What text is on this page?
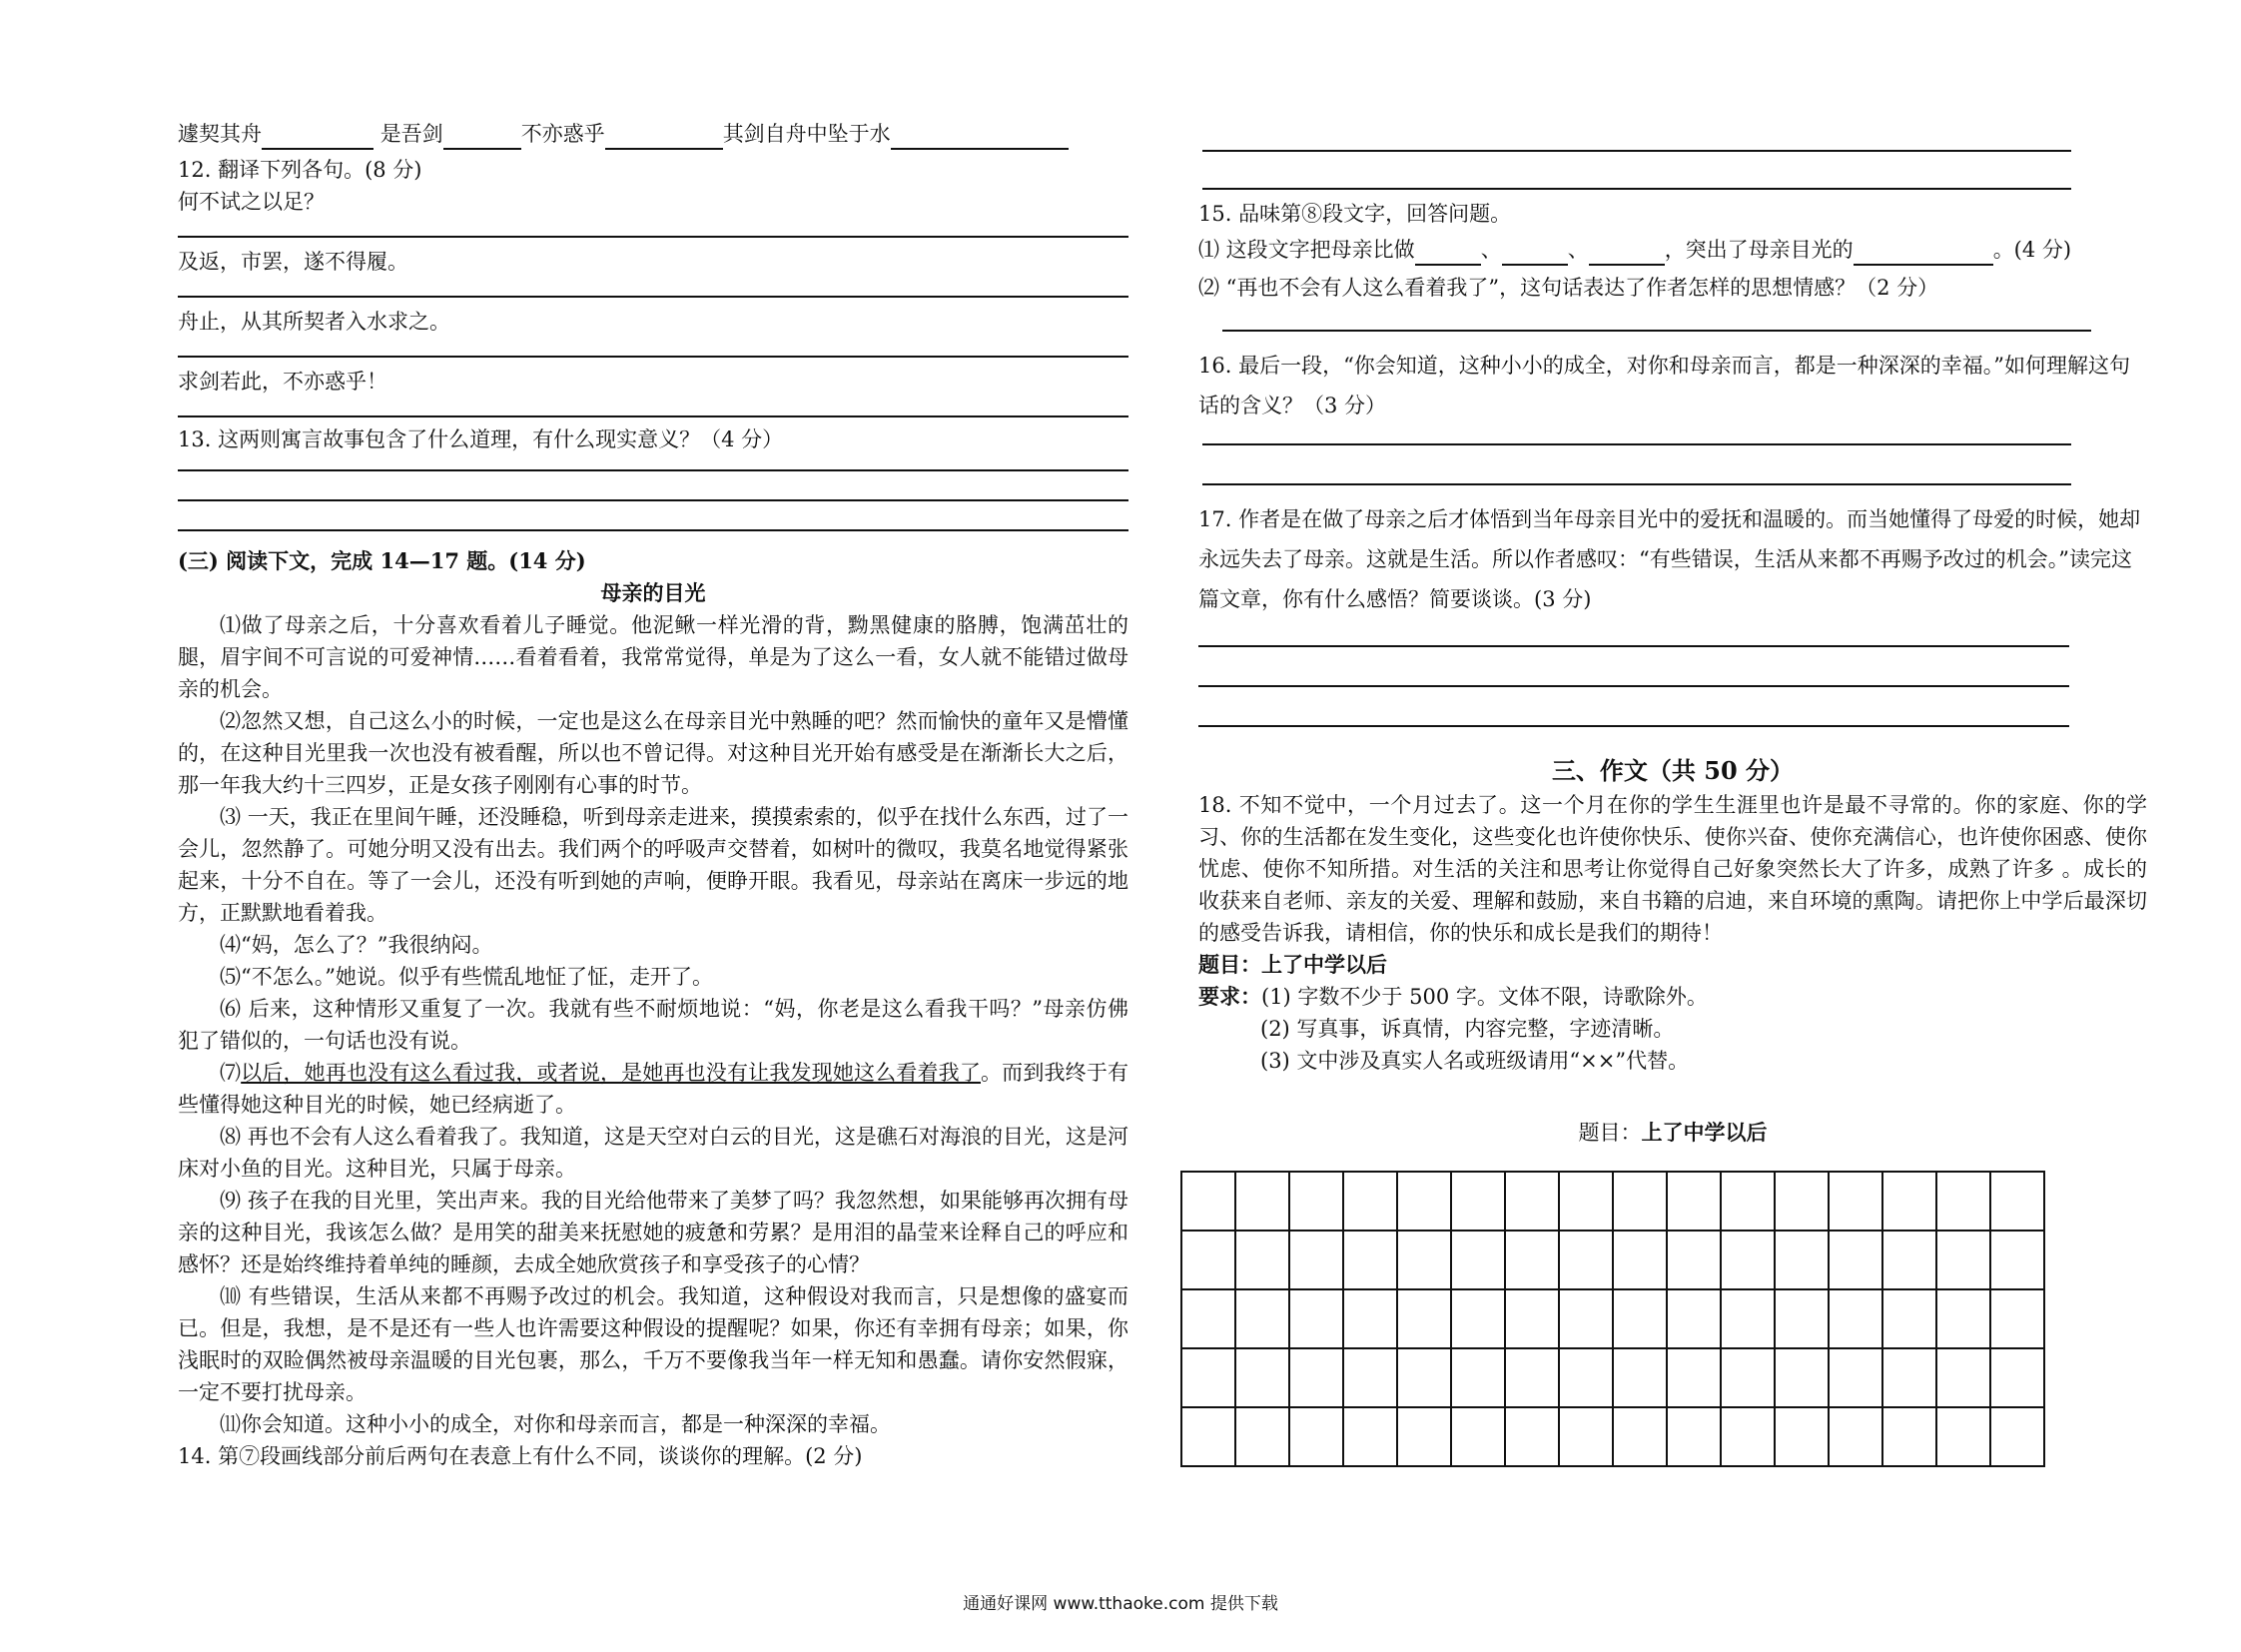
遽契其舟	是吾剑	不亦惑乎	其剑自舟中坠于水

12. 翻译下列各句。(8 分)

何不试之以足？

及返，市罢，遂不得履。

舟止，从其所契者入水求之。

求剑若此，不亦惑乎！

13. 这两则寓言故事包含了什么道理，有什么现实意义？（4 分）

(三) 阅读下文，完成 14—17 题。(14 分)

母亲的目光

⑴做了母亲之后，十分喜欢看着儿子睡觉。他泥鳅一样光滑的背，黝黑健康的胳膊，饱满茁壮的腿，眉宇间不可言说的可爱神情……看着看着，我常常觉得，单是为了这么一看，女人就不能错过做母亲的机会。

⑵忽然又想，自己这么小的时候，一定也是这么在母亲目光中熟睡的吧？然而愉快的童年又是懵懂的，在这种目光里我一次也没有被看醒，所以也不曾记得。对这种目光开始有感受是在渐渐长大之后，那一年我大约十三四岁，正是女孩子刚刚有心事的时节。

⑶ 一天，我正在里间午睡，还没睡稳，听到母亲走进来，摸摸索索的，似乎在找什么东西，过了一会儿，忽然静了。可她分明又没有出去。我们两个的呼吸声交替着，如树叶的微叹，我莫名地觉得紧张起来，十分不自在。等了一会儿，还没有听到她的声响，便睁开眼。我看见，母亲站在离床一步远的地方，正默默地看着我。

⑷“妈，怎么了？”我很纳闷。

⑸“不怎么。”她说。似乎有些慌乱地怔了怔，走开了。

⑹ 后来，这种情形又重复了一次。我就有些不耐烦地说：“妈，你老是这么看我干吗？”母亲仿佛犯了错似的，一句话也没有说。

⑺以后，她再也没有这么看过我，或者说，是她再也没有让我发现她这么看着我了。而到我终于有些懂得她这种目光的时候，她已经病逝了。

⑻ 再也不会有人这么看着我了。我知道，这是天空对白云的目光，这是礁石对海浪的目光，这是河床对小鱼的目光。这种目光，只属于母亲。

⑼ 孩子在我的目光里，笑出声来。我的目光给他带来了美梦了吗？我忽然想，如果能够再次拥有母亲的这种目光，我该怎么做？是用笑的甜美来抚慰她的疲惫和劳累？是用泪的晶莹来诠释自己的呼应和感怀？还是始终维持着单纯的睡颜，去成全她欣赏孩子和享受孩子的心情？

⑽ 有些错误，生活从来都不再赐予改过的机会。我知道，这种假设对我而言，只是想像的盛宴而已。但是，我想，是不是还有一些人也许需要这种假设的提醒呢？如果，你还有幸拥有母亲；如果，你浅眠时的双睑偶然被母亲温暖的目光包裹，那么，千万不要像我当年一样无知和愚蠢。请你安然假寐，一定不要打扰母亲。

⑾你会知道。这种小小的成全，对你和母亲而言，都是一种深深的幸福。

14. 第⑦段画线部分前后两句在表意上有什么不同，谈谈你的理解。(2 分)

15. 品味第⑧段文字，回答问题。

⑴ 这段文字把母亲比做	、	、	，突出了母亲目光的	。(4 分)

⑵ “再也不会有人这么看着我了”，这句话表达了作者怎样的思想情感？（2 分）

16. 最后一段，“你会知道，这种小小的成全，对你和母亲而言，都是一种深深的幸福。”如何理解这句话的含义？（3 分）

17. 作者是在做了母亲之后才体悟到当年母亲目光中的爱抚和温暖的。而当她懂得了母爱的时候，她却永远失去了母亲。这就是生活。所以作者感叹：“有些错误，生活从来都不再赐予改过的机会。”读完这篇文章，你有什么感悟？简要谈谈。(3 分)

三、作文（共 50 分）

18. 不知不觉中，一个月过去了。这一个月在你的学生生涯里也许是最不寻常的。你的家庭、你的学习、你的生活都在发生变化，这些变化也许使你快乐、使你兴奋、使你充满信心，也许使你困惑、使你忧虑、使你不知所措。对生活的关注和思考让你觉得自己好象突然长大了许多，成熟了许多 。成长的收获来自老师、亲友的关爱、理解和鼓励，来自书籍的启迪，来自环境的熏陶。请把你上中学后最深切的感受告诉我，请相信，你的快乐和成长是我们的期待！

题目：上了中学以后

要求：(1) 字数不少于 500 字。文体不限，诗歌除外。

(2) 写真事，诉真情，内容完整，字迹清晰。

(3) 文中涉及真实人名或班级请用“××”代替。

题目：上了中学以后

通通好课网 www.tthaoke.com 提供下载
